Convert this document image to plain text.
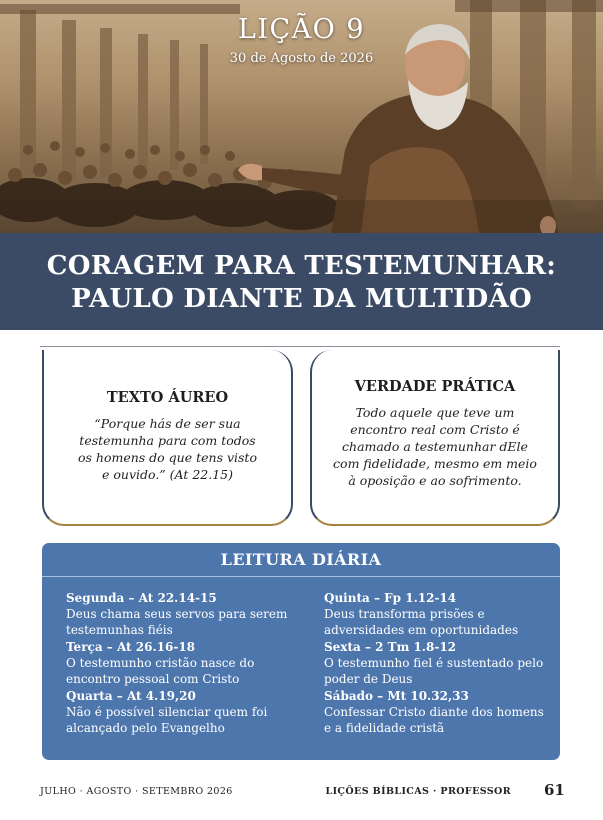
LIÇÃO 9
30 de Agosto de 2026
CORAGEM PARA TESTEMUNHAR:
PAULO DIANTE DA MULTIDÃO
TEXTO ÁUREO

“Porque hás de ser sua testemunha para com todos os homens do que tens visto e ouvido.” (At 22.15)

VERDADE PRÁTICA

Todo aquele que teve um encontro real com Cristo é chamado a testemunhar dEle com fidelidade, mesmo em meio à oposição e ao sofrimento.

LEITURA DIÁRIA
Segunda – At 22.14-15
Deus chama seus servos para serem testemunhas fiéis
Terça – At 26.16-18
O testemunho cristão nasce do encontro pessoal com Cristo
Quarta – At 4.19,20
Não é possível silenciar quem foi alcançado pelo Evangelho
Quinta – Fp 1.12-14
Deus transforma prisões e adversidades em oportunidades
Sexta – 2 Tm 1.8-12
O testemunho fiel é sustentado pelo poder de Deus
Sábado – Mt 10.32,33
Confessar Cristo diante dos homens e a fidelidade cristã
JULHO · AGOSTO · SETEMBRO 2026	LIÇÕES BÍBLICAS · PROFESSOR 61
